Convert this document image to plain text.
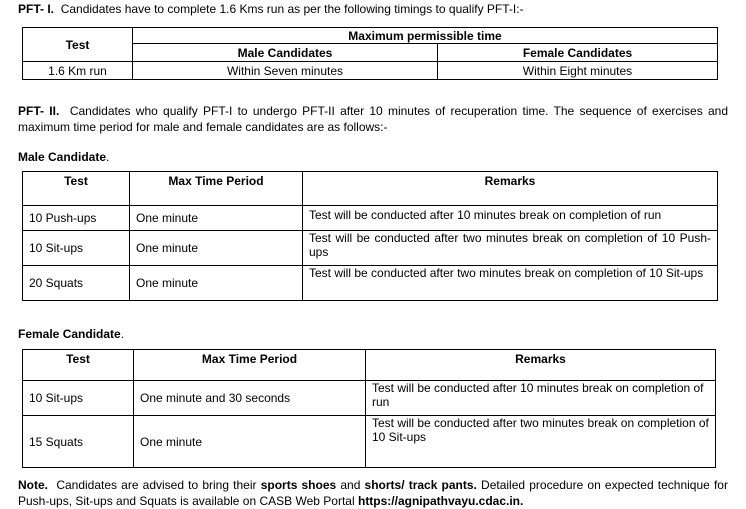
PFT- I. Candidates have to complete 1.6 Kms run as per the following timings to qualify PFT-I:-
Test	Maximum permissible time	
	Male Candidates	Female Candidates
1.6 Km run	Within Seven minutes	Within Eight minutes
PFT- II. Candidates who qualify PFT-I to undergo PFT-II after 10 minutes of recuperation time. The sequence of exercises and maximum time period for male and female candidates are as follows:-
Male Candidate.
Test	Max Time Period	Remarks
10 Push-ups	One minute	Test will be conducted after 10 minutes break on completion of run
10 Sit-ups	One minute	Test will be conducted after two minutes break on completion of 10 Push-ups
20 Squats	One minute	Test will be conducted after two minutes break on completion of 10 Sit-ups
Female Candidate.
Test	Max Time Period	Remarks
10 Sit-ups	One minute and 30 seconds	Test will be conducted after 10 minutes break on completion of run
15 Squats	One minute	Test will be conducted after two minutes break on completion of 10 Sit-ups
Note. Candidates are advised to bring their sports shoes and shorts/ track pants. Detailed procedure on expected technique for Push-ups, Sit-ups and Squats is available on CASB Web Portal https://agnipathvayu.cdac.in.
